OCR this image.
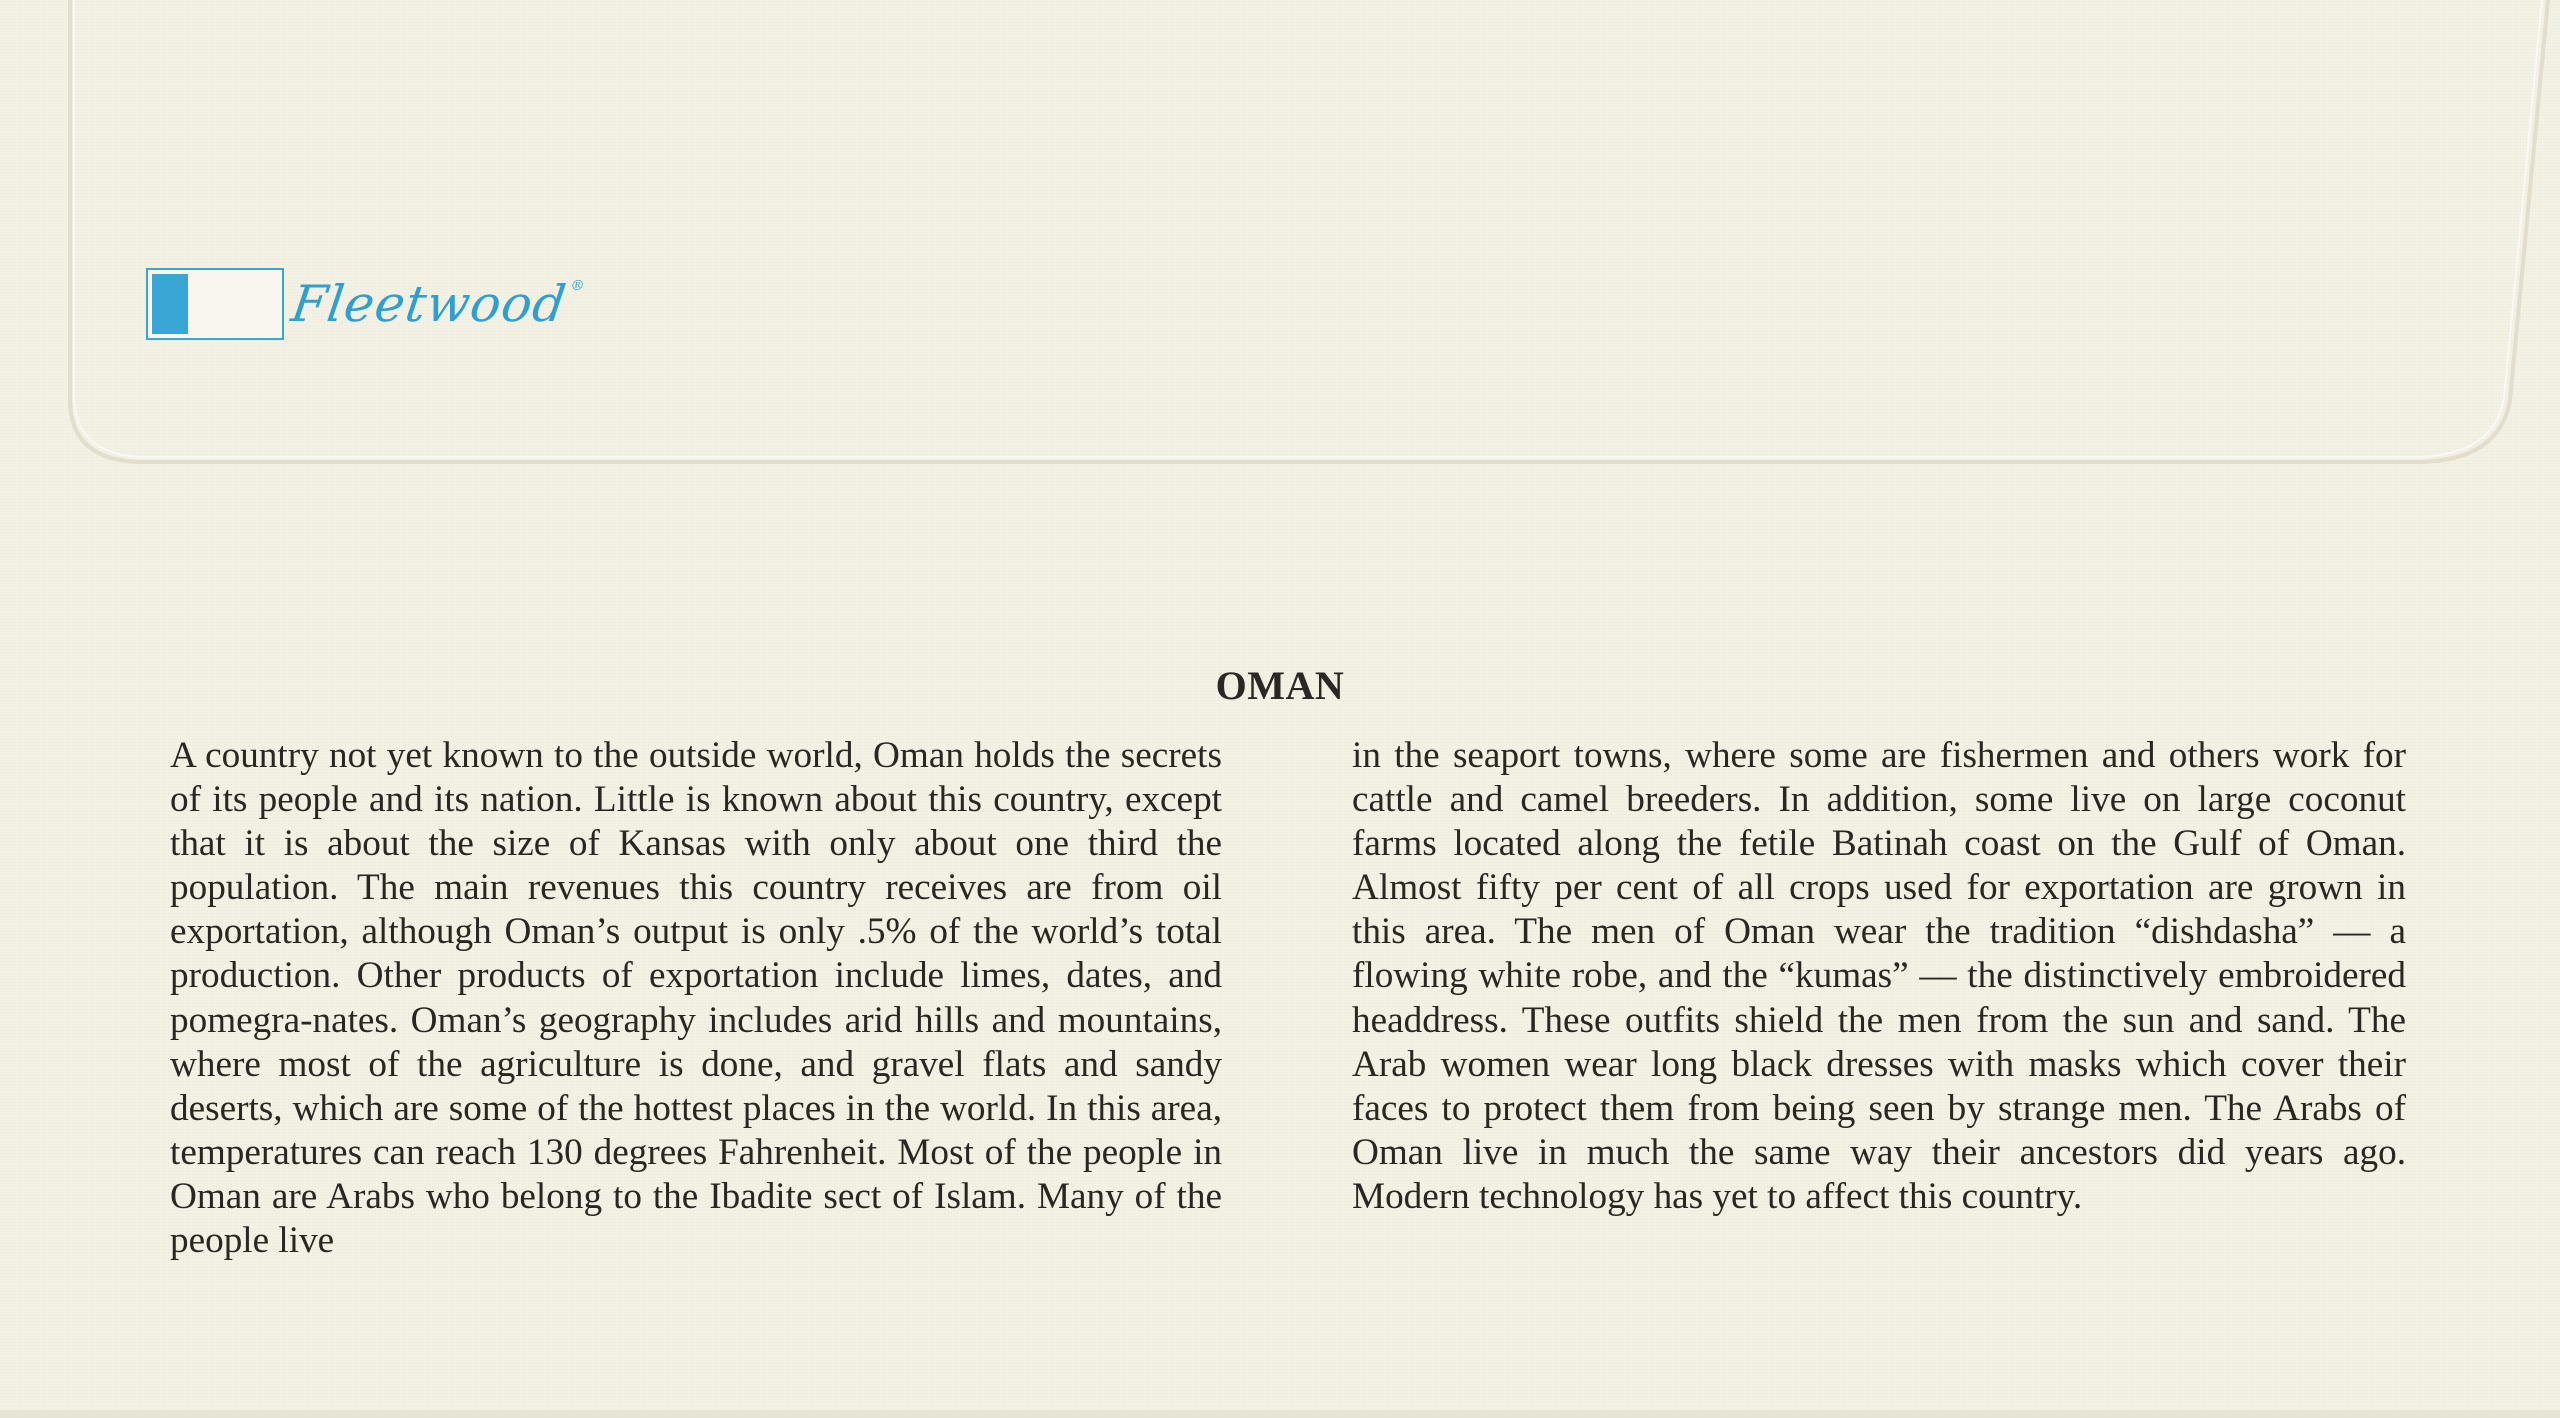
Fleetwood®
OMAN

A country not yet known to the outside world, Oman holds the secrets of its people and its nation. Little is known about this country, except that it is about the size of Kansas with only about one third the population. The main revenues this country receives are from oil exportation, although Oman’s output is only .5% of the world’s total production. Other products of exportation include limes, dates, and pomegra-nates. Oman’s geography includes arid hills and mountains, where most of the agriculture is done, and gravel flats and sandy deserts, which are some of the hottest places in the world. In this area, temperatures can reach 130 degrees Fahrenheit. Most of the people in Oman are Arabs who belong to the Ibadite sect of Islam. Many of the people live

in the seaport towns, where some are fishermen and others work for cattle and camel breeders. In addition, some live on large coconut farms located along the fetile Batinah coast on the Gulf of Oman. Almost fifty per cent of all crops used for exportation are grown in this area. The men of Oman wear the tradition “dishdasha” — a flowing white robe, and the “kumas” — the distinctively embroidered headdress. These outfits shield the men from the sun and sand. The Arab women wear long black dresses with masks which cover their faces to protect them from being seen by strange men. The Arabs of Oman live in much the same way their ancestors did years ago. Modern technology has yet to affect this country.
